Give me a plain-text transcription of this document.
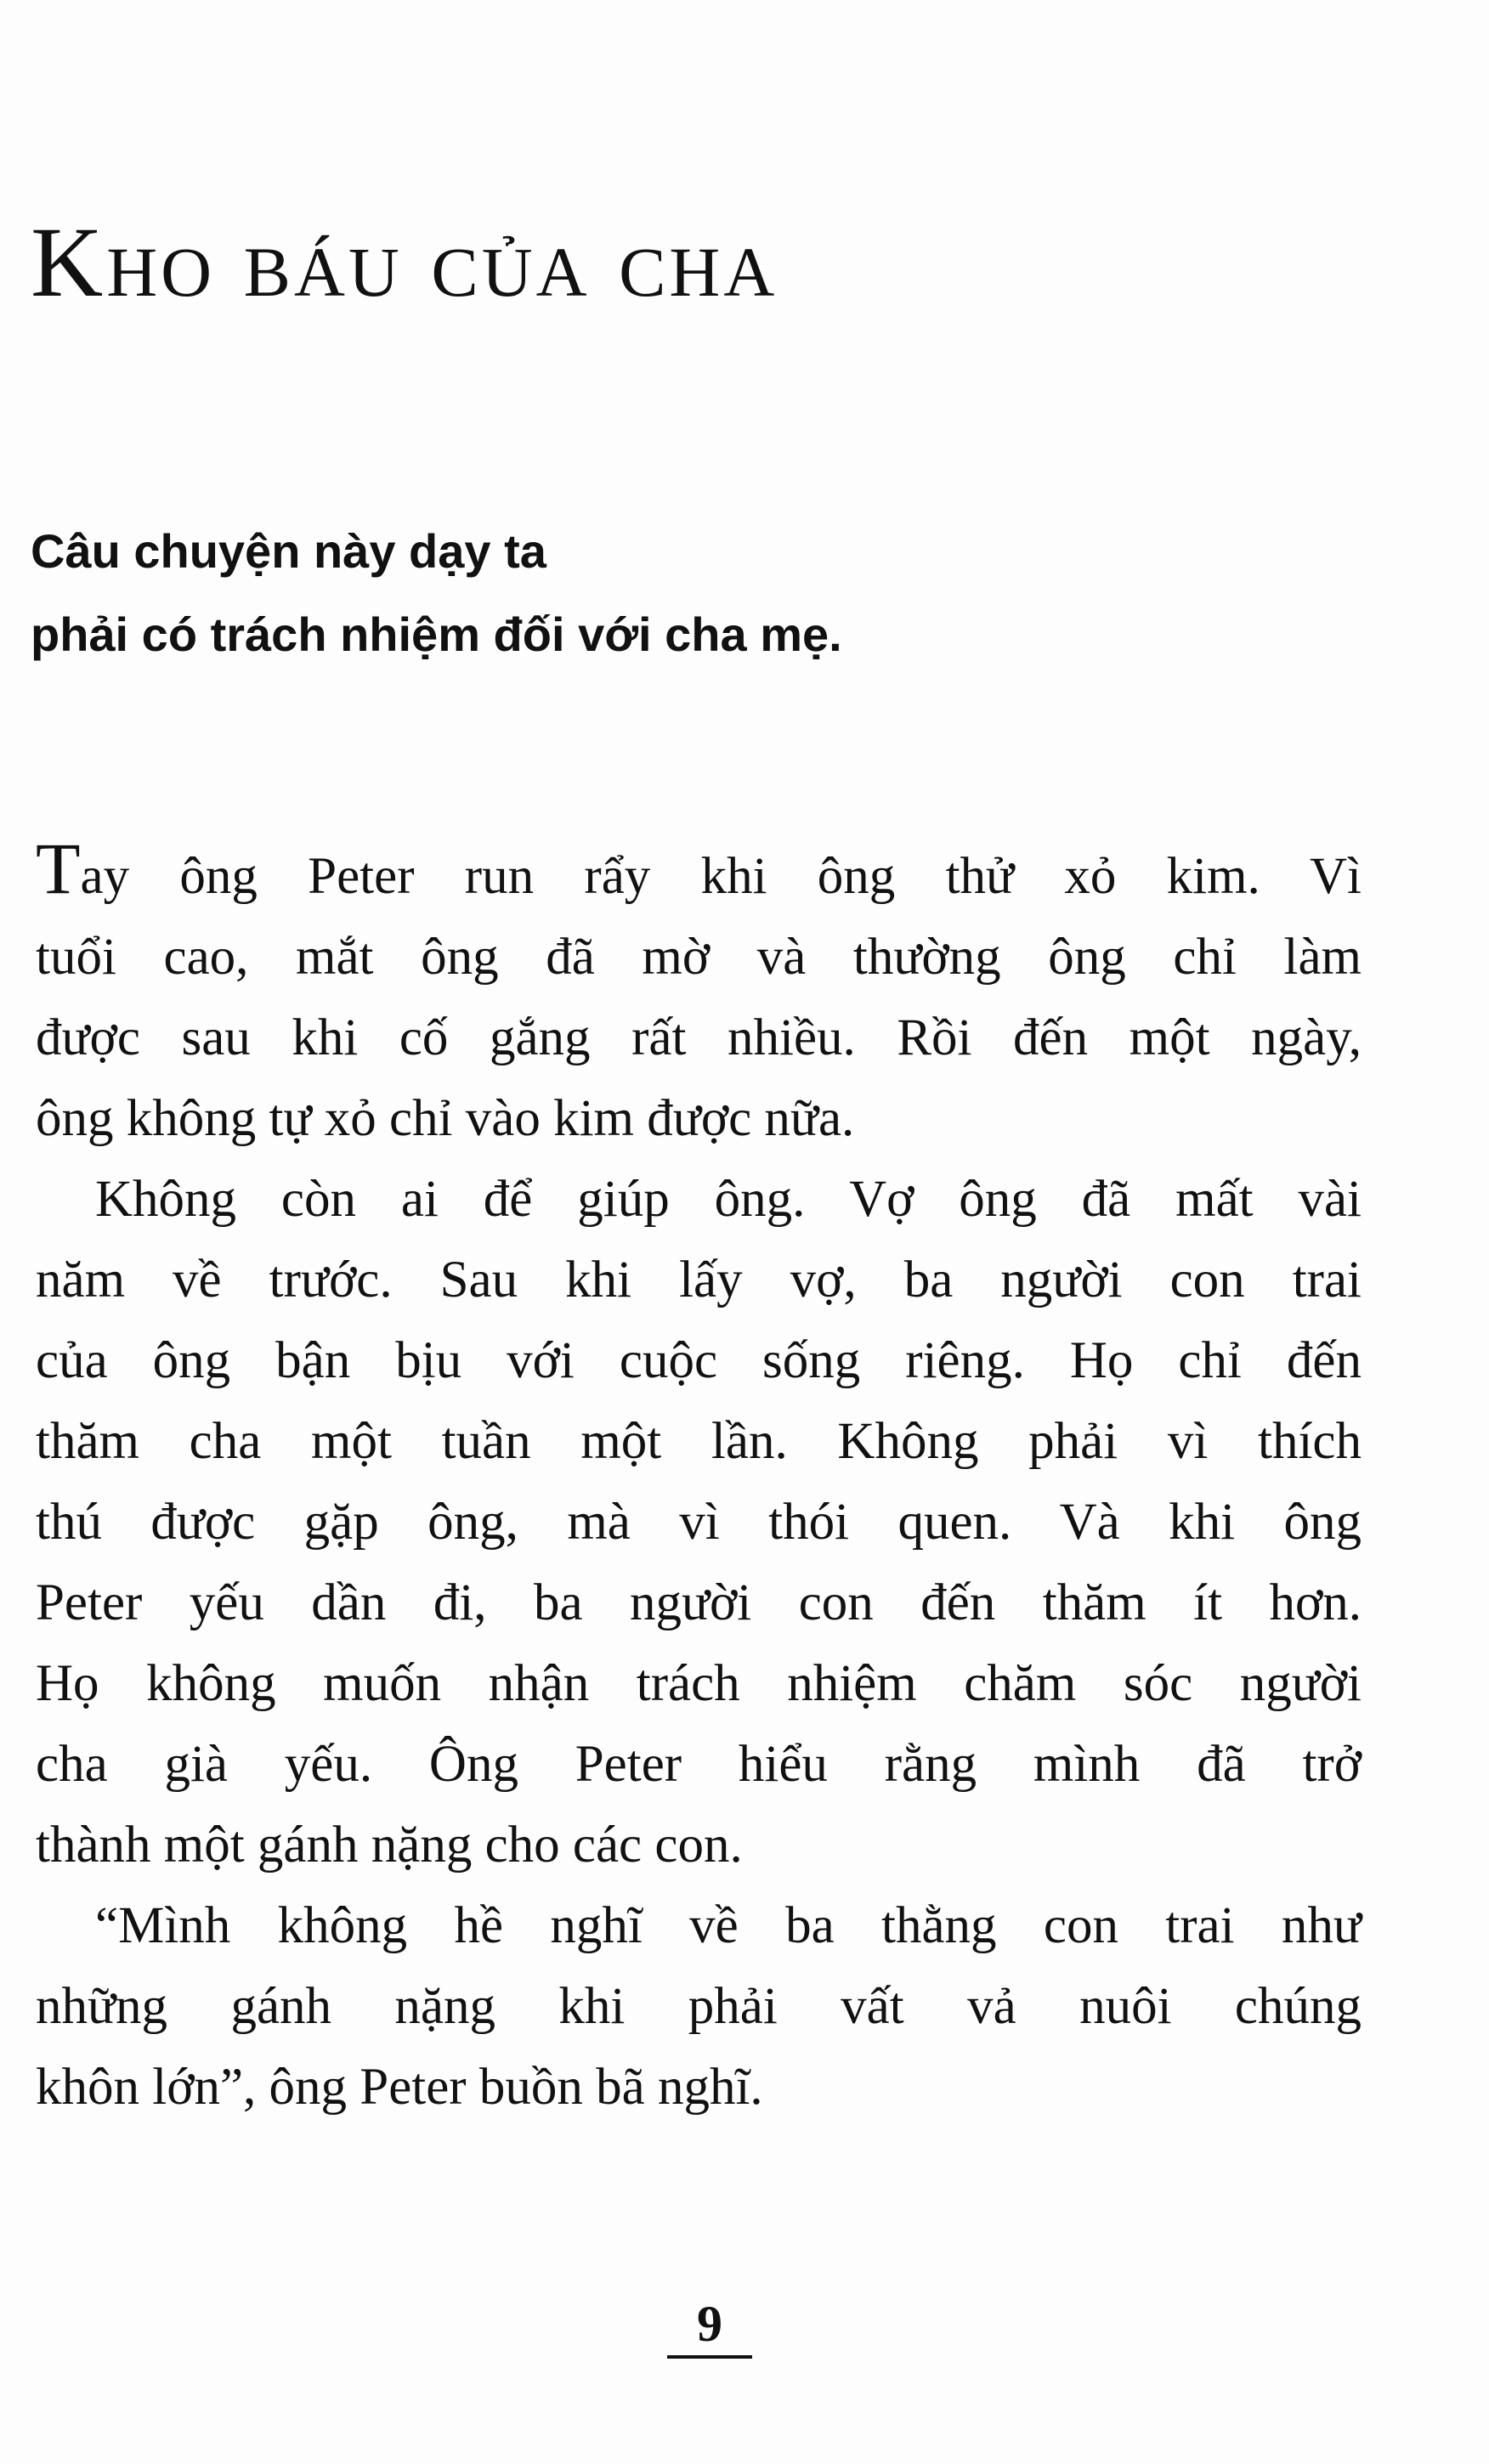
Kho báu của cha
Câu chuyện này dạy ta
phải có trách nhiệm đối với cha mẹ.
Tay ông Peter run rẩy khi ông thử xỏ kim. Vì
tuổi cao, mắt ông đã mờ và thường ông chỉ làm
được sau khi cố gắng rất nhiều. Rồi đến một ngày,
ông không tự xỏ chỉ vào kim được nữa.
Không còn ai để giúp ông. Vợ ông đã mất vài
năm về trước. Sau khi lấy vợ, ba người con trai
của ông bận bịu với cuộc sống riêng. Họ chỉ đến
thăm cha một tuần một lần. Không phải vì thích
thú được gặp ông, mà vì thói quen. Và khi ông
Peter yếu dần đi, ba người con đến thăm ít hơn.
Họ không muốn nhận trách nhiệm chăm sóc người
cha già yếu. Ông Peter hiểu rằng mình đã trở
thành một gánh nặng cho các con.
“Mình không hề nghĩ về ba thằng con trai như
những gánh nặng khi phải vất vả nuôi chúng
khôn lớn”, ông Peter buồn bã nghĩ.
9
